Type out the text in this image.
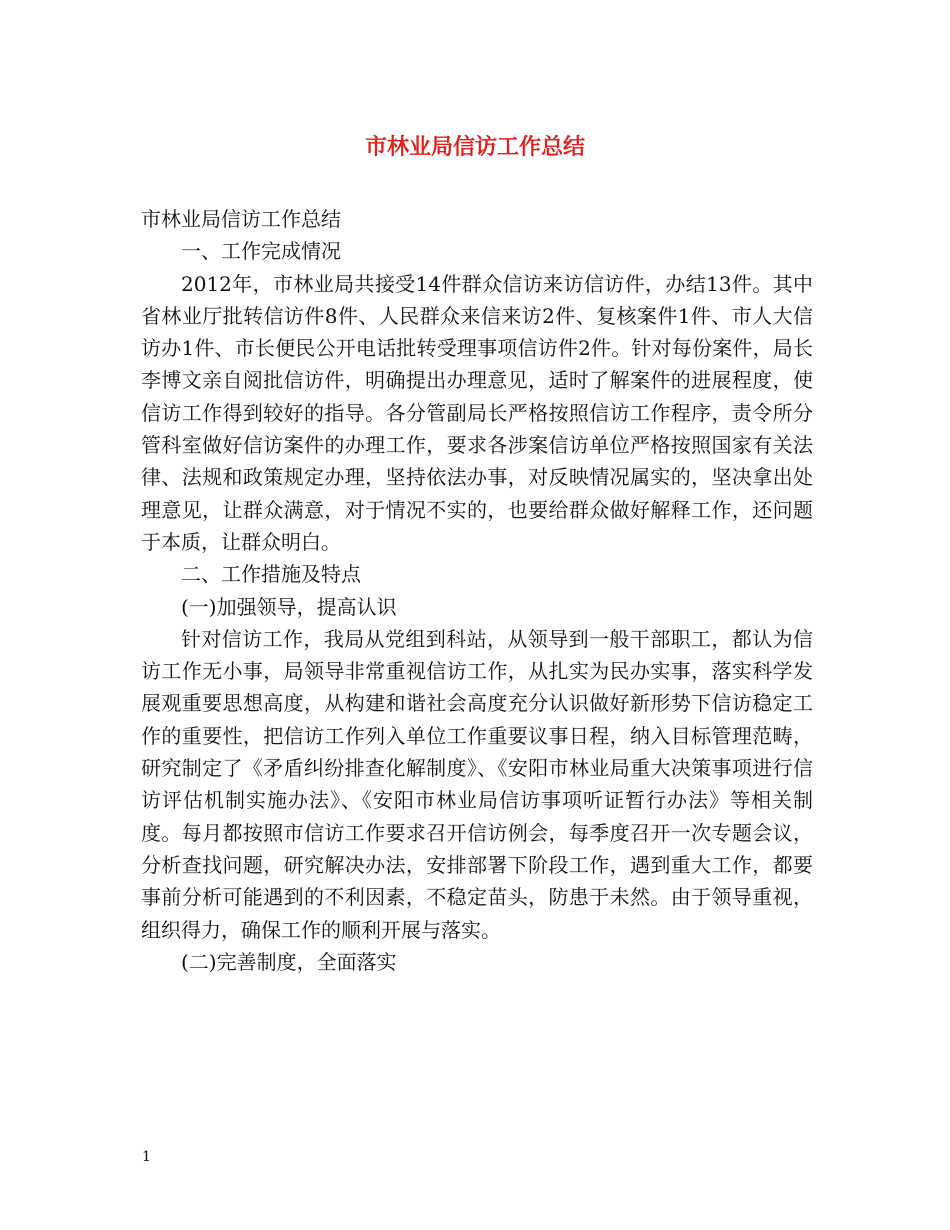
市林业局信访工作总结

市林业局信访工作总结

一、工作完成情况

2012年，市林业局共接受14件群众信访来访信访件，办结13件。其中省林业厅批转信访件8件、人民群众来信来访2件、复核案件1件、市人大信访办1件、市长便民公开电话批转受理事项信访件2件。针对每份案件，局长李博文亲自阅批信访件，明确提出办理意见，适时了解案件的进展程度，使信访工作得到较好的指导。各分管副局长严格按照信访工作程序，责令所分管科室做好信访案件的办理工作，要求各涉案信访单位严格按照国家有关法律、法规和政策规定办理，坚持依法办事，对反映情况属实的，坚决拿出处理意见，让群众满意，对于情况不实的，也要给群众做好解释工作，还问题于本质，让群众明白。

二、工作措施及特点

(一)加强领导，提高认识

针对信访工作，我局从党组到科站，从领导到一般干部职工，都认为信访工作无小事，局领导非常重视信访工作，从扎实为民办实事，落实科学发展观重要思想高度，从构建和谐社会高度充分认识做好新形势下信访稳定工作的重要性，把信访工作列入单位工作重要议事日程，纳入目标管理范畴，研究制定了《矛盾纠纷排查化解制度》、《安阳市林业局重大决策事项进行信访评估机制实施办法》、《安阳市林业局信访事项听证暂行办法》等相关制度。每月都按照市信访工作要求召开信访例会，每季度召开一次专题会议，分析查找问题，研究解决办法，安排部署下阶段工作，遇到重大工作，都要事前分析可能遇到的不利因素，不稳定苗头，防患于未然。由于领导重视，组织得力，确保工作的顺利开展与落实。

(二)完善制度，全面落实

1
